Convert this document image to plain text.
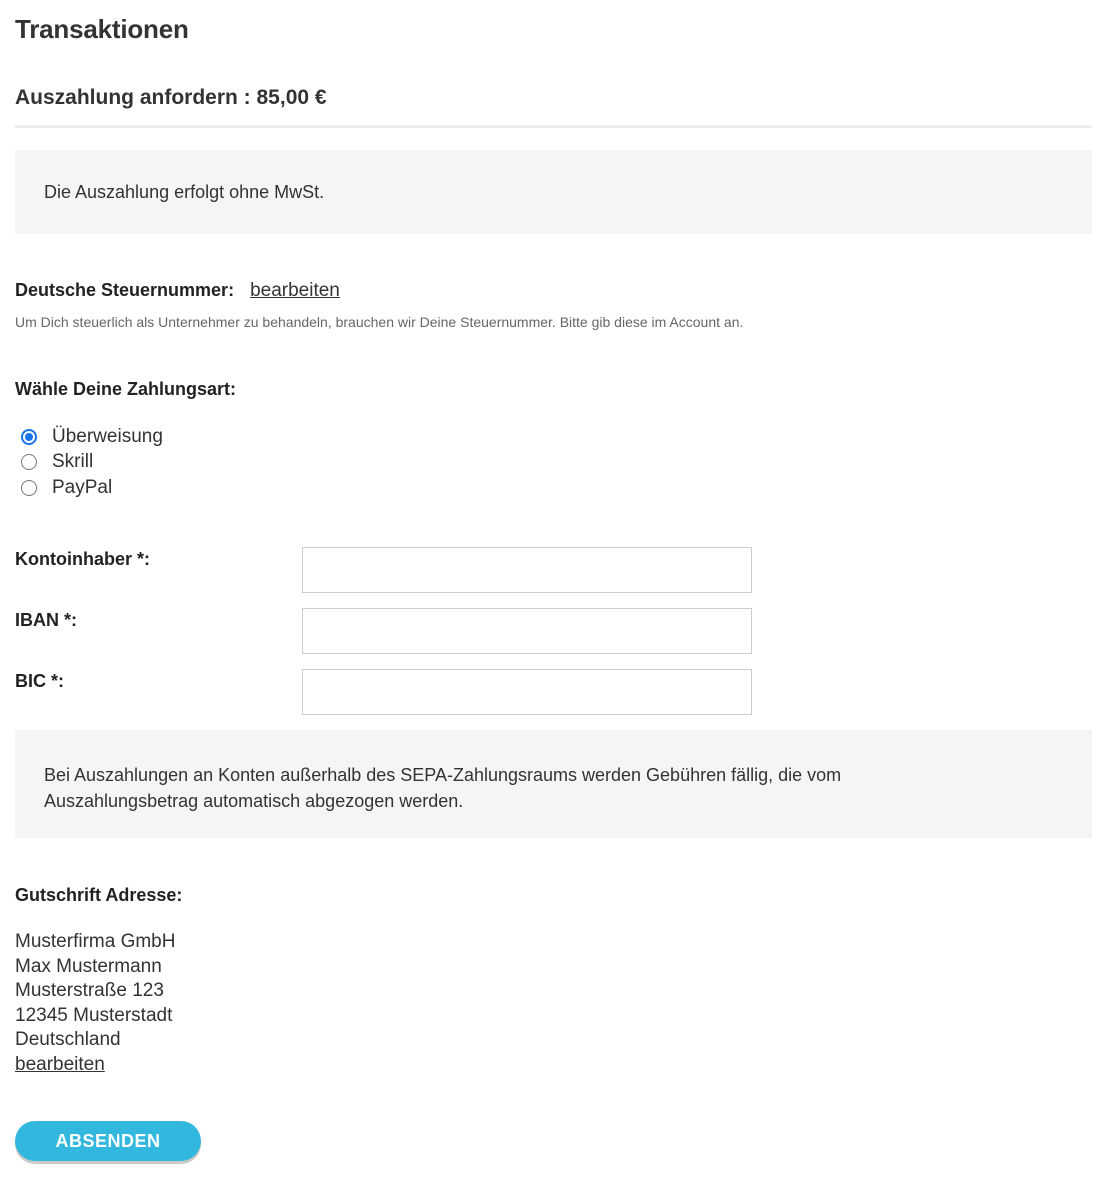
Transaktionen
Auszahlung anfordern : 85,00 €
Die Auszahlung erfolgt ohne MwSt.
Deutsche Steuernummer: bearbeiten
Um Dich steuerlich als Unternehmer zu behandeln, brauchen wir Deine Steuernummer. Bitte gib diese im Account an.
Wähle Deine Zahlungsart:
Überweisung
Skrill
PayPal
Kontoinhaber *:
IBAN *:
BIC *:
Bei Auszahlungen an Konten außerhalb des SEPA-Zahlungsraums werden Gebühren fällig, die vom Auszahlungsbetrag automatisch abgezogen werden.
Gutschrift Adresse:
Musterfirma GmbH
Max Mustermann
Musterstraße 123
12345 Musterstadt
Deutschland
bearbeiten
ABSENDEN
